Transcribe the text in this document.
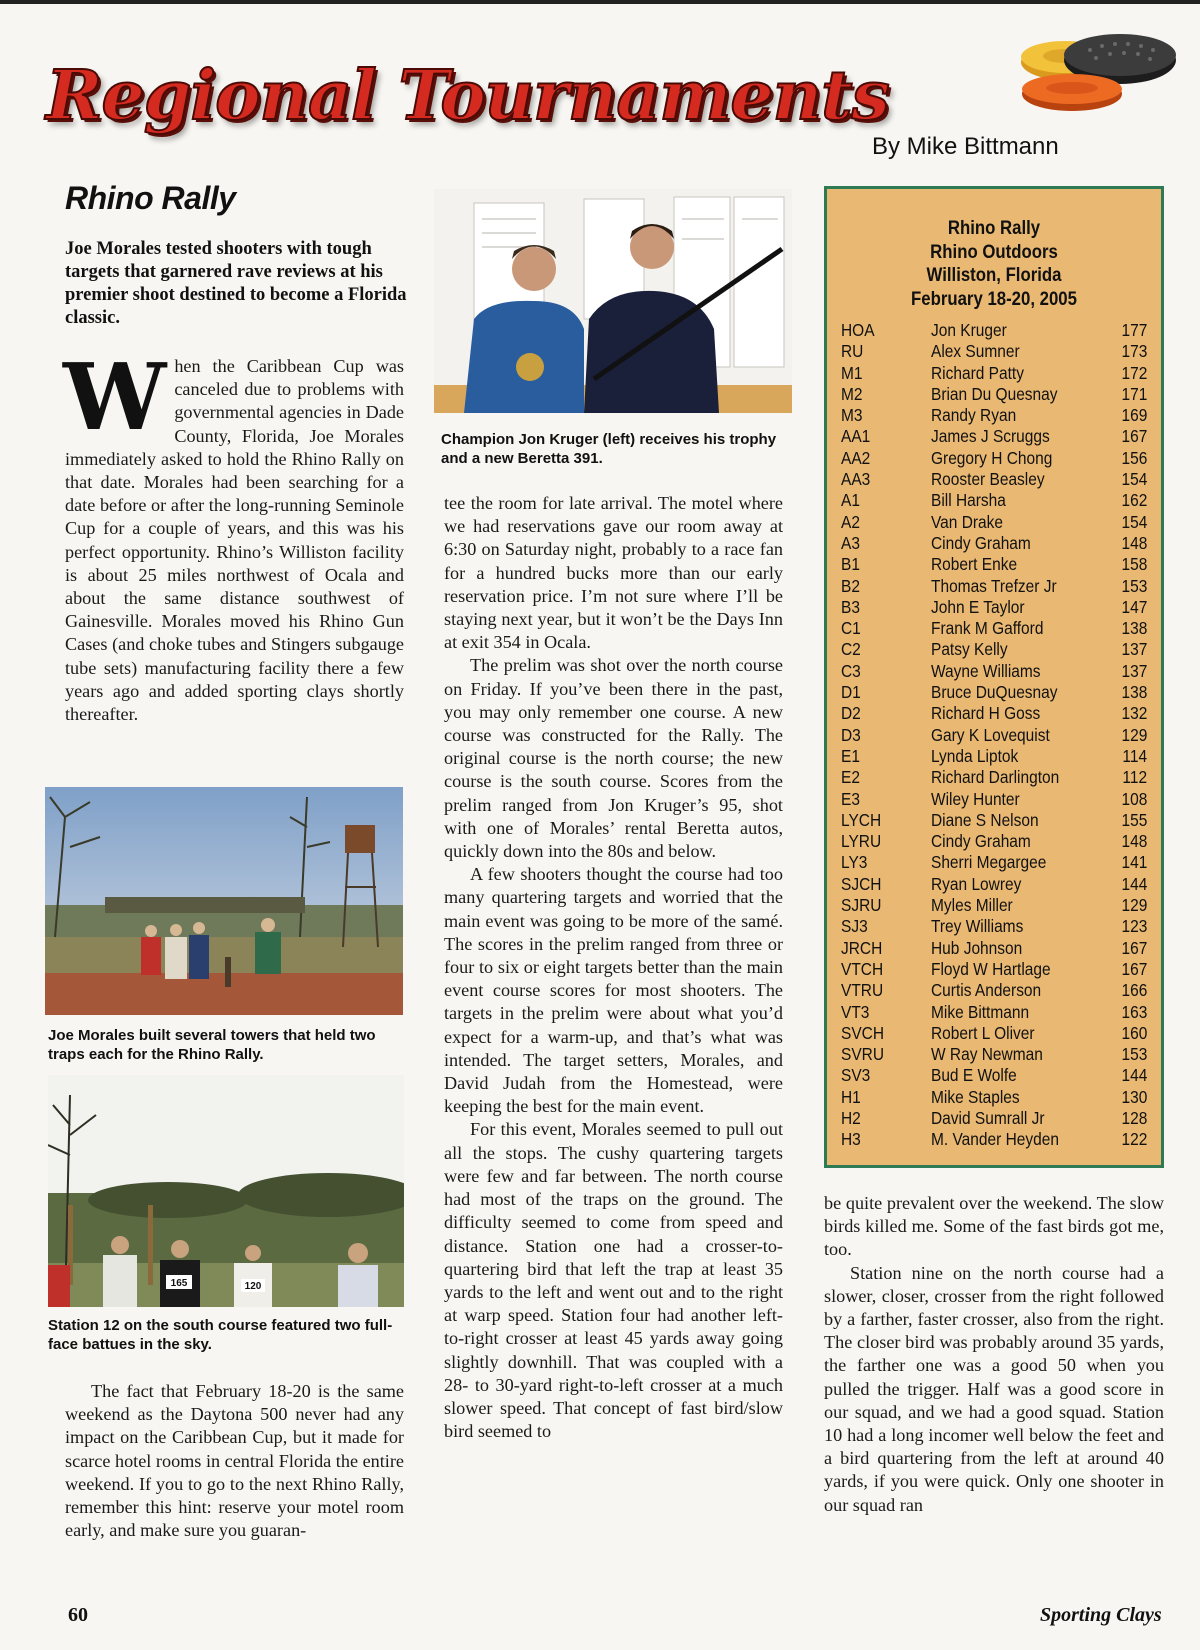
Regional Tournaments
By Mike Bittmann
Rhino Rally
Joe Morales tested shooters with tough targets that garnered rave reviews at his premier shoot destined to become a Florida classic.
When the Caribbean Cup was canceled due to problems with governmental agencies in Dade County, Florida, Joe Morales immediately asked to hold the Rhino Rally on that date. Morales had been searching for a date before or after the long-running Seminole Cup for a couple of years, and this was his perfect opportunity. Rhino’s Williston facility is about 25 miles northwest of Ocala and about the same distance southwest of Gainesville. Morales moved his Rhino Gun Cases (and choke tubes and Stingers subgauge tube sets) manufacturing facility there a few years ago and added sporting clays shortly thereafter.
Joe Morales built several towers that held two traps each for the Rhino Rally.
165	120
Station 12 on the south course featured two full-face battues in the sky.
The fact that February 18-20 is the same weekend as the Daytona 500 never had any impact on the Caribbean Cup, but it made for scarce hotel rooms in central Florida the entire weekend. If you to go to the next Rhino Rally, remember this hint: reserve your motel room early, and make sure you guaran-
Champion Jon Kruger (left) receives his trophy and a new Beretta 391.

tee the room for late arrival. The motel where we had reservations gave our room away at 6:30 on Saturday night, probably to a race fan for a hundred bucks more than our early reservation price. I’m not sure where I’ll be staying next year, but it won’t be the Days Inn at exit 354 in Ocala.

The prelim was shot over the north course on Friday. If you’ve been there in the past, you may only remember one course. A new course was constructed for the Rally. The original course is the north course; the new course is the south course. Scores from the prelim ranged from Jon Kruger’s 95, shot with one of Morales’ rental Beretta autos, quickly down into the 80s and below.

A few shooters thought the course had too many quartering targets and worried that the main event was going to be more of the samé. The scores in the prelim ranged from three or four to six or eight targets better than the main event course scores for most shooters. The targets in the prelim were about what you’d expect for a warm-up, and that’s what was intended. The target setters, Morales, and David Judah from the Homestead, were keeping the best for the main event.

For this event, Morales seemed to pull out all the stops. The cushy quartering targets were few and far between. The north course had most of the traps on the ground. The difficulty seemed to come from speed and distance. Station one had a crosser-to-quartering bird that left the trap at least 35 yards to the left and went out and to the right at warp speed. Station four had another left-to-right crosser at least 45 yards away going slightly downhill. That was coupled with a 28- to 30-yard right-to-left crosser at a much slower speed. That concept of fast bird/slow bird seemed to

Rhino Rally
Rhino Outdoors
Williston, Florida
February 18-20, 2005
HOA	Jon Kruger	177
RU	Alex Sumner	173
M1	Richard Patty	172
M2	Brian Du Quesnay	171
M3	Randy Ryan	169
AA1	James J Scruggs	167
AA2	Gregory H Chong	156
AA3	Rooster Beasley	154
A1	Bill Harsha	162
A2	Van Drake	154
A3	Cindy Graham	148
B1	Robert Enke	158
B2	Thomas Trefzer Jr	153
B3	John E Taylor	147
C1	Frank M Gafford	138
C2	Patsy Kelly	137
C3	Wayne Williams	137
D1	Bruce DuQuesnay	138
D2	Richard H Goss	132
D3	Gary K Lovequist	129
E1	Lynda Liptok	114
E2	Richard Darlington	112
E3	Wiley Hunter	108
LYCH	Diane S Nelson	155
LYRU	Cindy Graham	148
LY3	Sherri Megargee	141
SJCH	Ryan Lowrey	144
SJRU	Myles Miller	129
SJ3	Trey Williams	123
JRCH	Hub Johnson	167
VTCH	Floyd W Hartlage	167
VTRU	Curtis Anderson	166
VT3	Mike Bittmann	163
SVCH	Robert L Oliver	160
SVRU	W Ray Newman	153
SV3	Bud E Wolfe	144
H1	Mike Staples	130
H2	David Sumrall Jr	128
H3	M. Vander Heyden	122

be quite prevalent over the weekend. The slow birds killed me. Some of the fast birds got me, too.

Station nine on the north course had a slower, closer, crosser from the right followed by a farther, faster crosser, also from the right. The closer bird was probably around 35 yards, the farther one was a good 50 when you pulled the trigger. Half was a good score in our squad, and we had a good squad. Station 10 had a long incomer well below the feet and a bird quartering from the left at around 40 yards, if you were quick. Only one shooter in our squad ran

60	Sporting Clays
